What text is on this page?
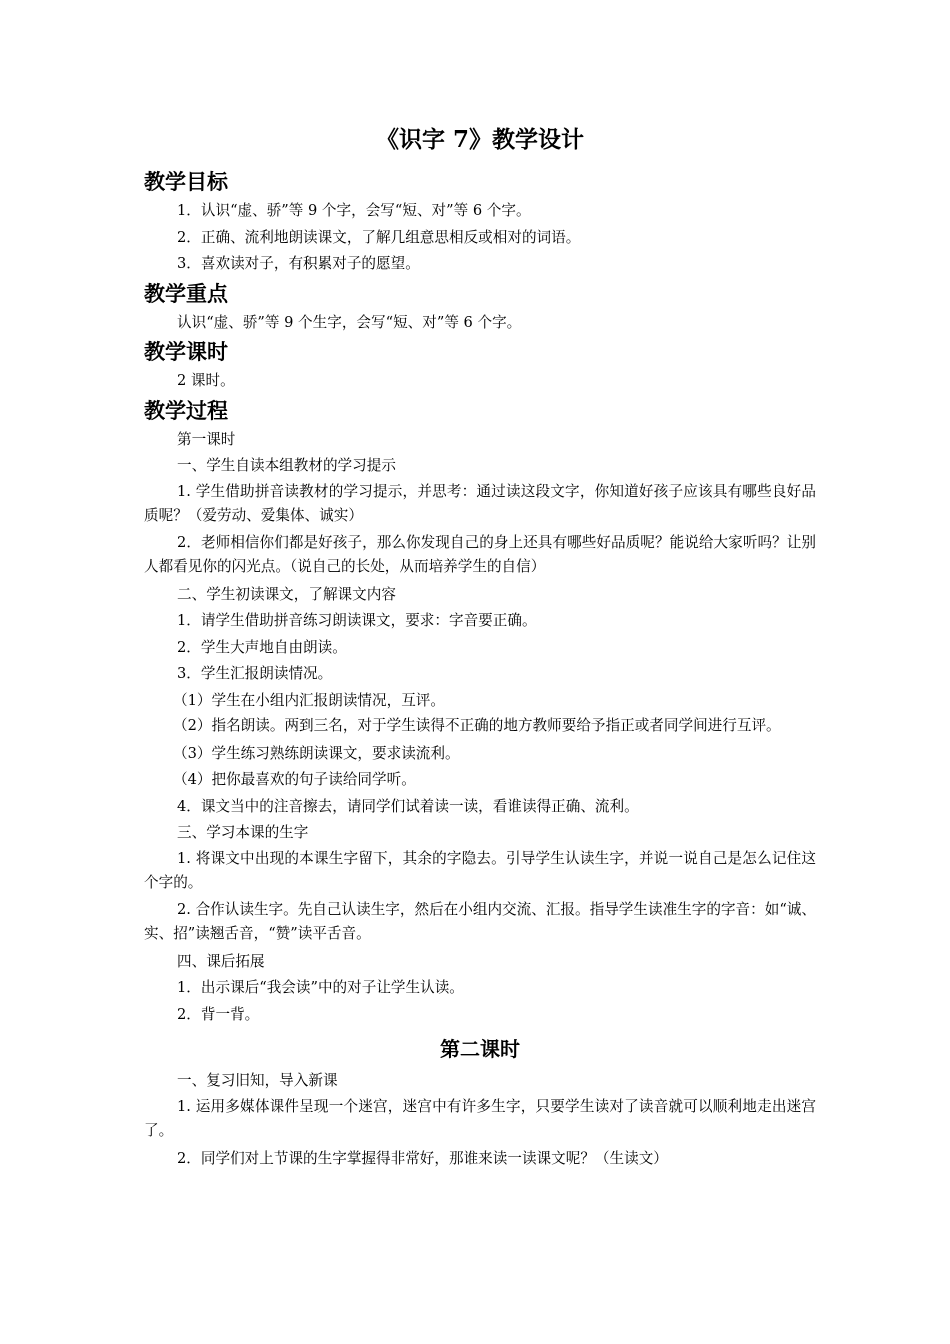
《识字 7》教学设计
教学目标

1．认识“虚、骄”等 9 个字，会写“短、对”等 6 个字。

2．正确、流利地朗读课文，了解几组意思相反或相对的词语。

3．喜欢读对子，有积累对子的愿望。

教学重点

认识“虚、骄”等 9 个生字，会写“短、对”等 6 个字。

教学课时

2 课时。

教学过程

第一课时

一、学生自读本组教材的学习提示

1. 学生借助拼音读教材的学习提示，并思考：通过读这段文字，你知道好孩子应该具有哪些良好品质呢？（爱劳动、爱集体、诚实）

2．老师相信你们都是好孩子，那么你发现自己的身上还具有哪些好品质呢？能说给大家听吗？让别人都看见你的闪光点。（说自己的长处，从而培养学生的自信）

二、学生初读课文，了解课文内容

1．请学生借助拼音练习朗读课文，要求：字音要正确。

2．学生大声地自由朗读。

3．学生汇报朗读情况。

（1）学生在小组内汇报朗读情况，互评。

（2）指名朗读。两到三名，对于学生读得不正确的地方教师要给予指正或者同学间进行互评。

（3）学生练习熟练朗读课文，要求读流利。

（4）把你最喜欢的句子读给同学听。

4．课文当中的注音擦去，请同学们试着读一读，看谁读得正确、流利。

三、学习本课的生字

1. 将课文中出现的本课生字留下，其余的字隐去。引导学生认读生字，并说一说自己是怎么记住这个字的。

2. 合作认读生字。先自己认读生字，然后在小组内交流、汇报。指导学生读准生字的字音：如“诚、实、招”读翘舌音，“赞”读平舌音。

四、课后拓展

1．出示课后“我会读”中的对子让学生认读。

2．背一背。

第二课时

一、复习旧知，导入新课

1. 运用多媒体课件呈现一个迷宫，迷宫中有许多生字，只要学生读对了读音就可以顺利地走出迷宫了。

2．同学们对上节课的生字掌握得非常好，那谁来读一读课文呢？（生读文）
